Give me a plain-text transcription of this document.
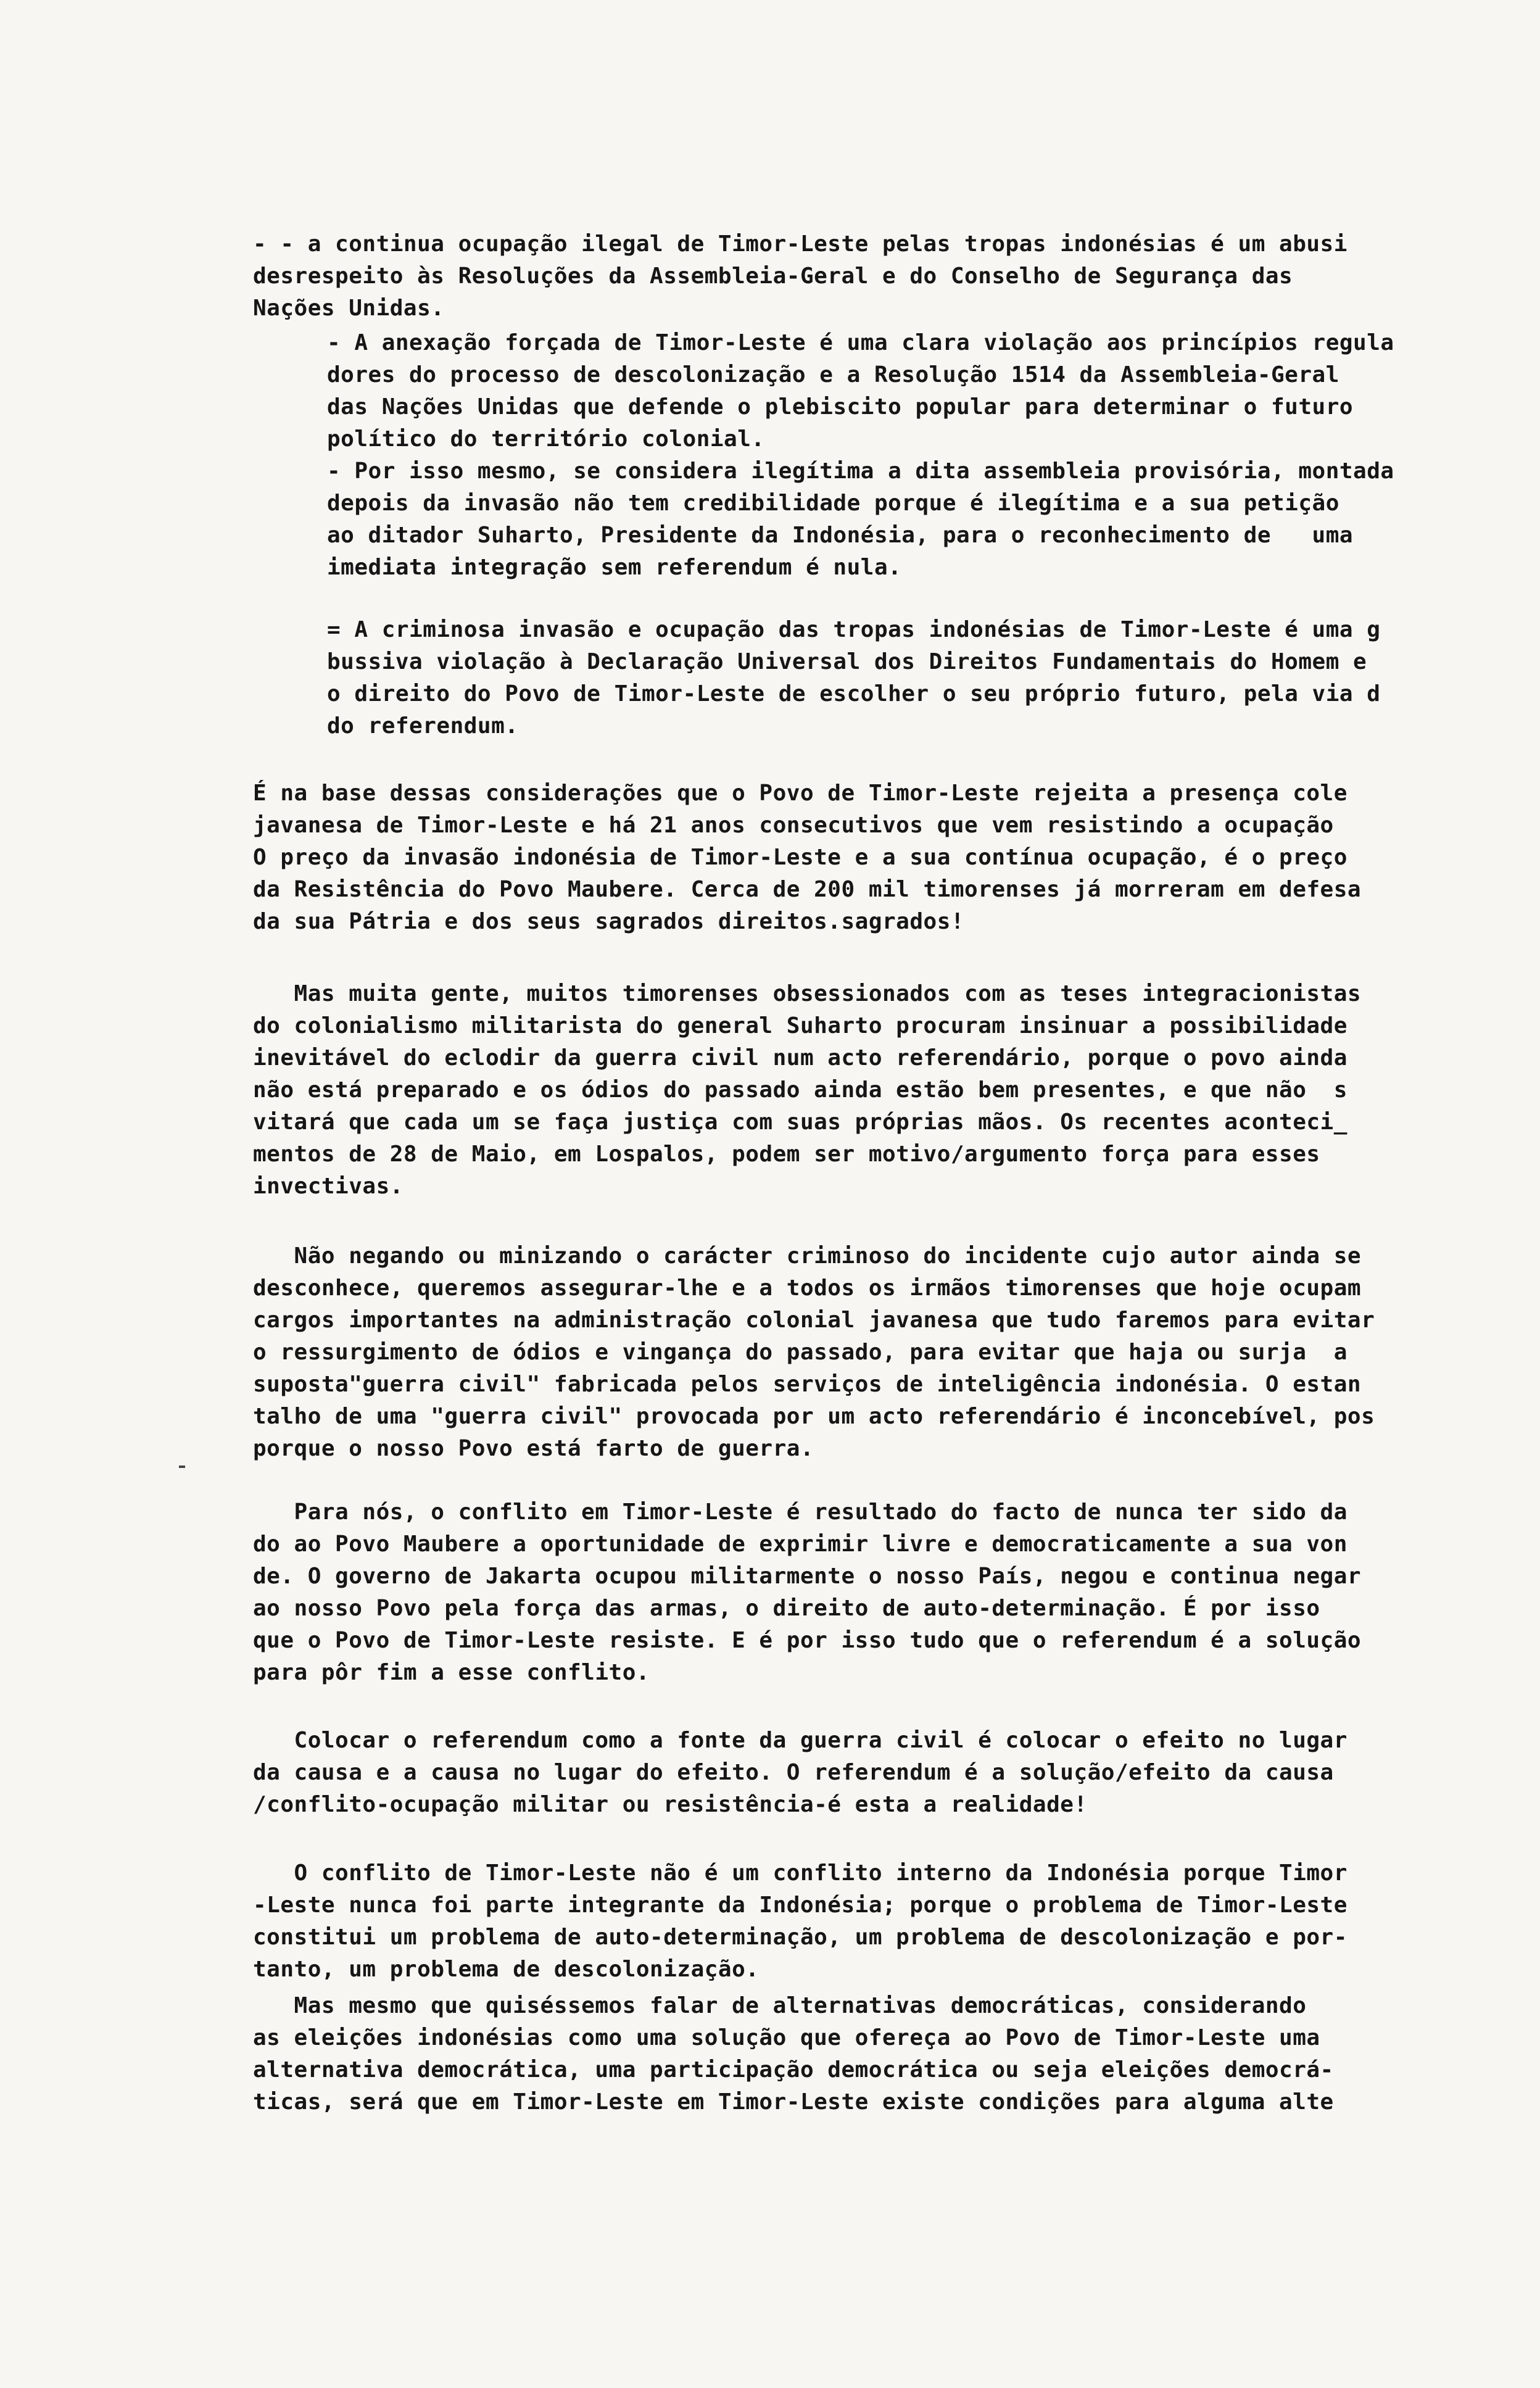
- - a continua ocupação ilegal de Timor-Leste pelas tropas indonésias é um abusi
desrespeito às Resoluções da Assembleia-Geral e do Conselho de Segurança das
Nações Unidas.
- A anexação forçada de Timor-Leste é uma clara violação aos princípios regula
dores do processo de descolonização e a Resolução 1514 da Assembleia-Geral
das Nações Unidas que defende o plebiscito popular para determinar o futuro
político do território colonial.
- Por isso mesmo, se considera ilegítima a dita assembleia provisória, montada
depois da invasão não tem credibilidade porque é ilegítima e a sua petição
ao ditador Suharto, Presidente da Indonésia, para o reconhecimento de   uma
imediata integração sem referendum é nula.
= A criminosa invasão e ocupação das tropas indonésias de Timor-Leste é uma g
bussiva violação à Declaração Universal dos Direitos Fundamentais do Homem e
o direito do Povo de Timor-Leste de escolher o seu próprio futuro, pela via d
do referendum.
É na base dessas considerações que o Povo de Timor-Leste rejeita a presença cole
javanesa de Timor-Leste e há 21 anos consecutivos que vem resistindo a ocupação
O preço da invasão indonésia de Timor-Leste e a sua contínua ocupação, é o preço
da Resistência do Povo Maubere. Cerca de 200 mil timorenses já morreram em defesa
da sua Pátria e dos seus sagrados direitos.sagrados!
Mas muita gente, muitos timorenses obsessionados com as teses integracionistas
do colonialismo militarista do general Suharto procuram insinuar a possibilidade
inevitável do eclodir da guerra civil num acto referendário, porque o povo ainda
não está preparado e os ódios do passado ainda estão bem presentes, e que não  s
vitará que cada um se faça justiça com suas próprias mãos. Os recentes aconteci_
mentos de 28 de Maio, em Lospalos, podem ser motivo/argumento força para esses
invectivas.
Não negando ou minizando o carácter criminoso do incidente cujo autor ainda se
desconhece, queremos assegurar-lhe e a todos os irmãos timorenses que hoje ocupam
cargos importantes na administração colonial javanesa que tudo faremos para evitar
o ressurgimento de ódios e vingança do passado, para evitar que haja ou surja  a
suposta"guerra civil" fabricada pelos serviços de inteligência indonésia. O estan
talho de uma "guerra civil" provocada por um acto referendário é inconcebível, pos
porque o nosso Povo está farto de guerra.
Para nós, o conflito em Timor-Leste é resultado do facto de nunca ter sido da
do ao Povo Maubere a oportunidade de exprimir livre e democraticamente a sua von
de. O governo de Jakarta ocupou militarmente o nosso País, negou e continua negar
ao nosso Povo pela força das armas, o direito de auto-determinação. É por isso
que o Povo de Timor-Leste resiste. E é por isso tudo que o referendum é a solução
para pôr fim a esse conflito.
Colocar o referendum como a fonte da guerra civil é colocar o efeito no lugar
da causa e a causa no lugar do efeito. O referendum é a solução/efeito da causa
/conflito-ocupação militar ou resistência-é esta a realidade!
O conflito de Timor-Leste não é um conflito interno da Indonésia porque Timor
-Leste nunca foi parte integrante da Indonésia; porque o problema de Timor-Leste
constitui um problema de auto-determinação, um problema de descolonização e por-
tanto, um problema de descolonização.
Mas mesmo que quiséssemos falar de alternativas democráticas, considerando
as eleições indonésias como uma solução que ofereça ao Povo de Timor-Leste uma
alternativa democrática, uma participação democrática ou seja eleições democrá-
ticas, será que em Timor-Leste em Timor-Leste existe condições para alguma alte
